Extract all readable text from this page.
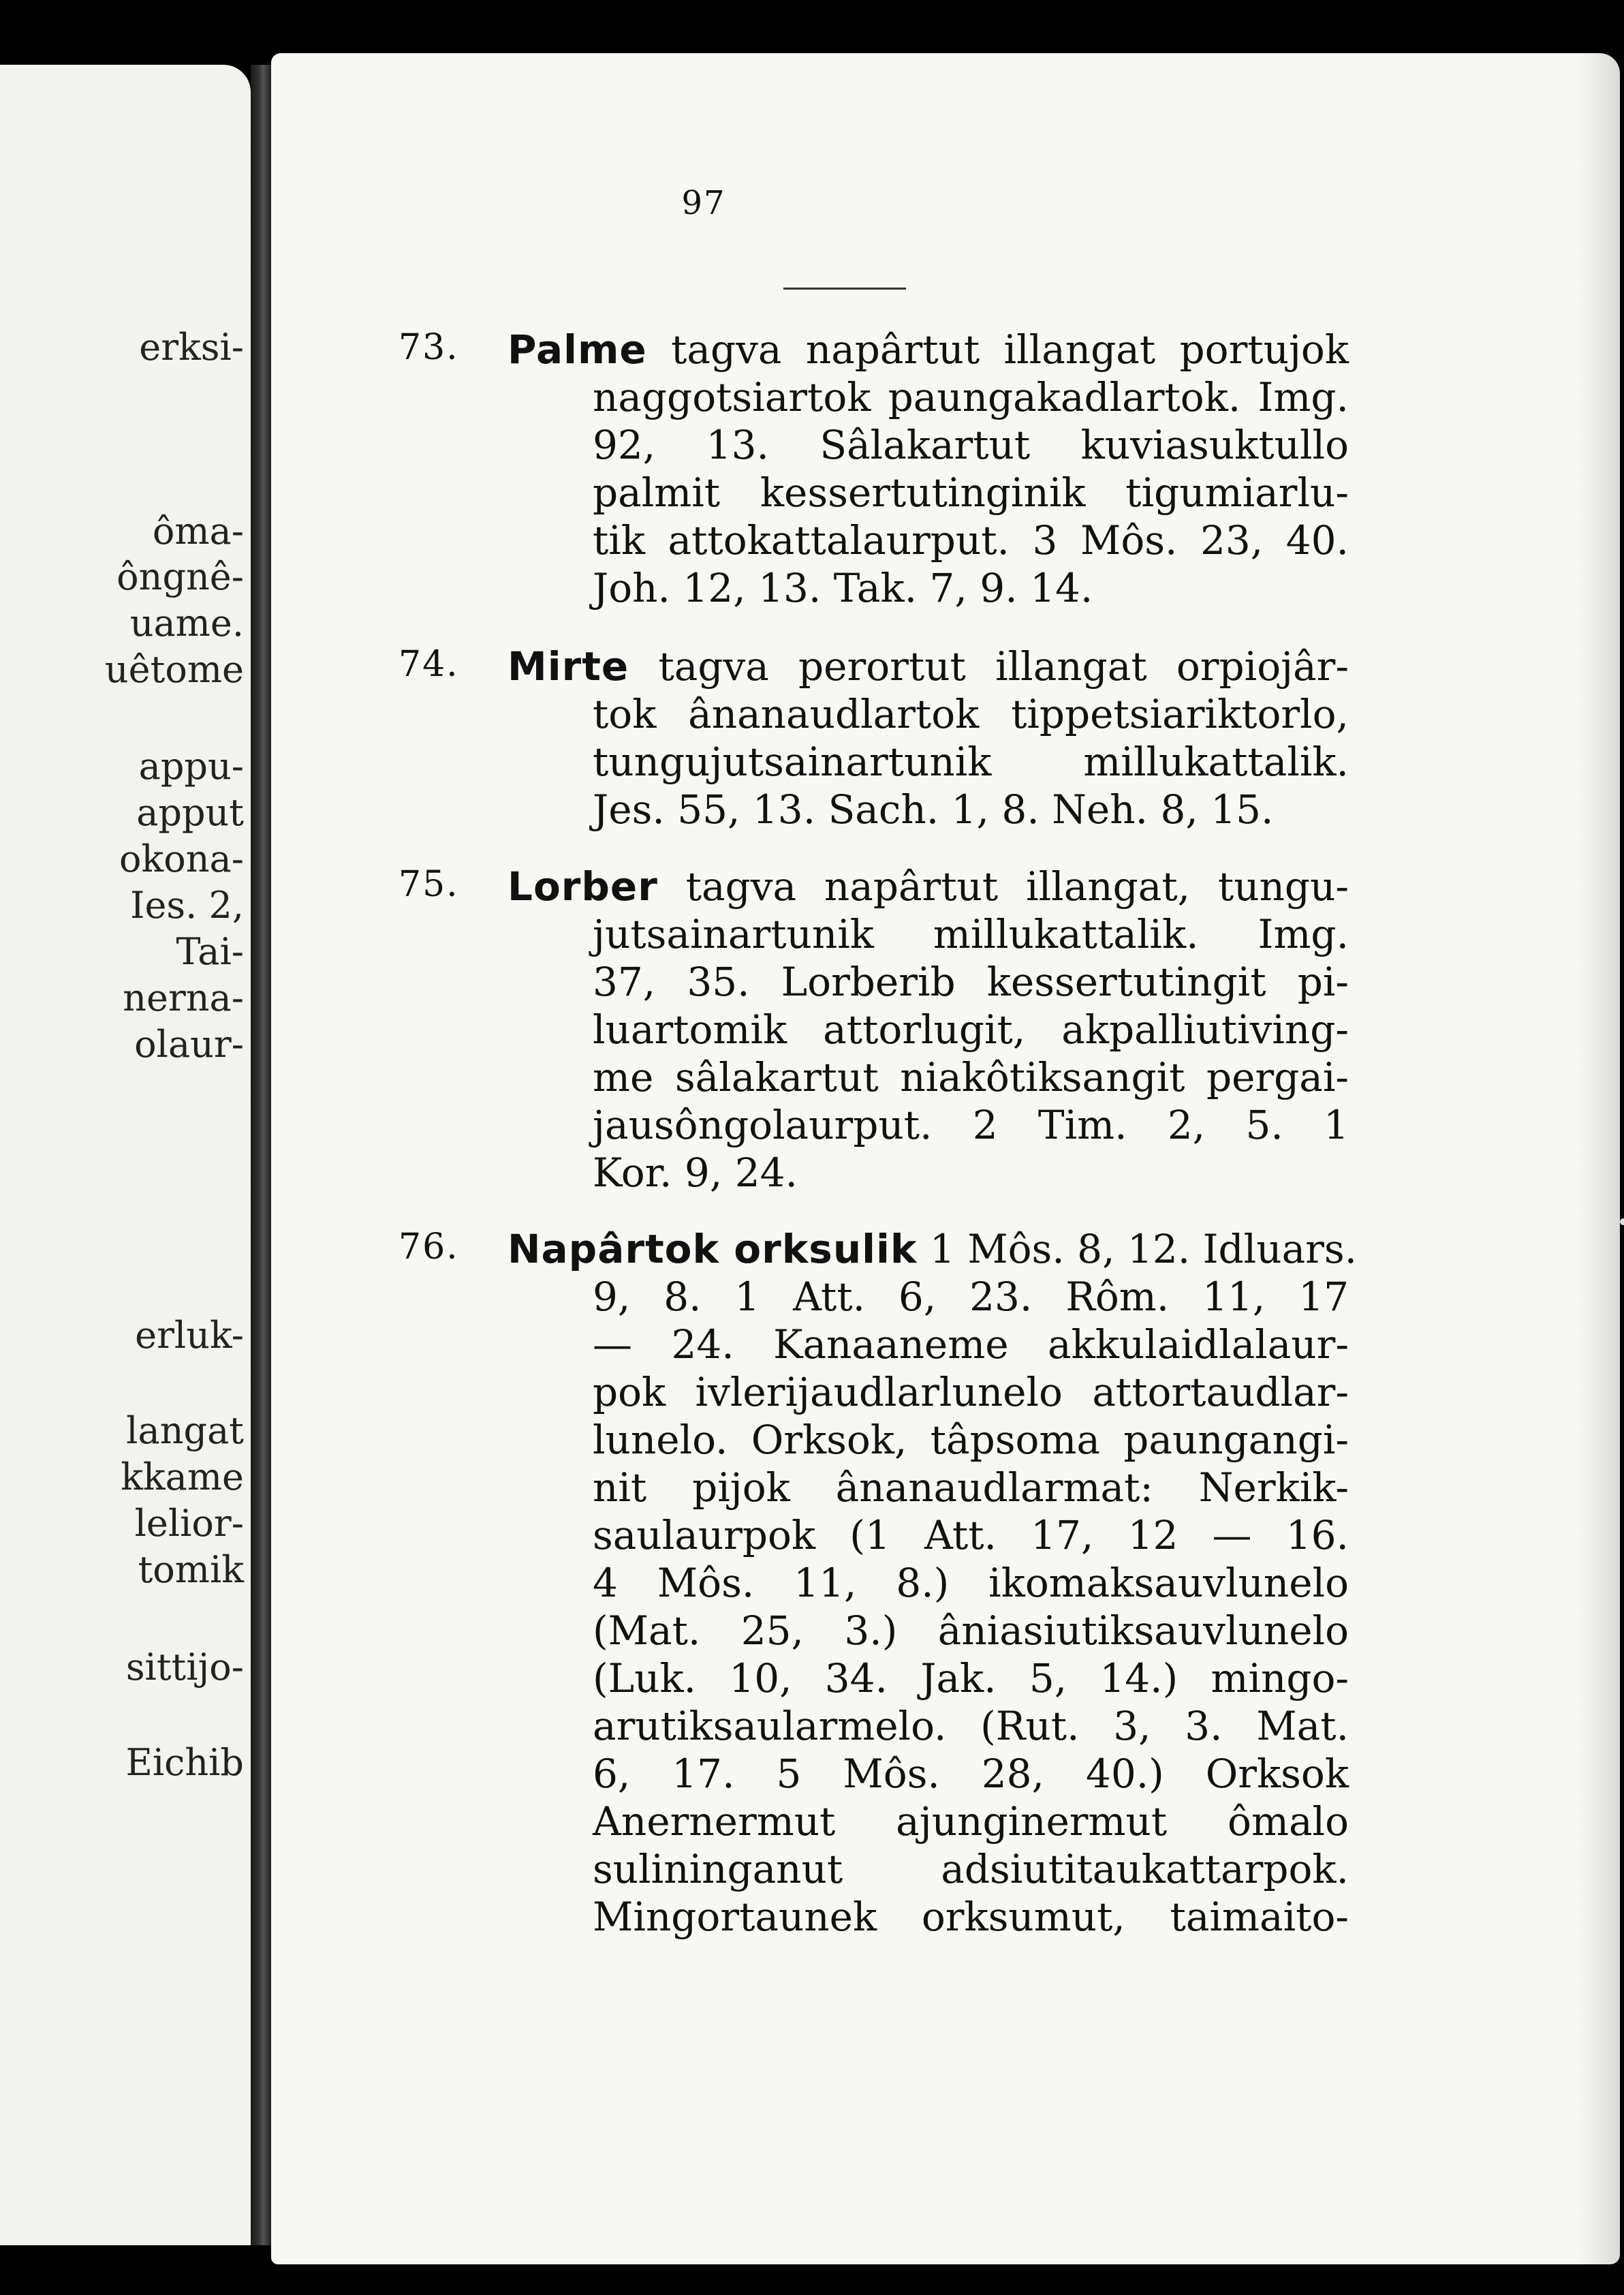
erksi-
ôma-
ôngnê-
uame.
uêtome
appu-
apput
okona-
Ies. 2,
Tai-
nerna-
olaur-
erluk-
langat
kkame
lelior-
tomik
sittijo-
Eichib
97
73. Palme tagva napârtut illangat portujok
naggotsiartok paungakadlartok. Img.
92, 13. Sâlakartut kuviasuktullo
palmit kessertutinginik tigumiarlu-
tik attokattalaurput. 3 Môs. 23, 40.
Joh. 12, 13. Tak. 7, 9. 14.
74. Mirte tagva perortut illangat orpiojâr-
tok ânanaudlartok tippetsiariktorlo,
tungujutsainartunik millukattalik.
Jes. 55, 13. Sach. 1, 8. Neh. 8, 15.
75. Lorber tagva napârtut illangat, tungu-
jutsainartunik millukattalik. Img.
37, 35. Lorberib kessertutingit pi-
luartomik attorlugit, akpalliutiving-
me sâlakartut niakôtiksangit pergai-
jausôngolaurput. 2 Tim. 2, 5. 1
Kor. 9, 24.
76. Napârtok orksulik 1 Môs. 8, 12. Idluars.
9, 8. 1 Att. 6, 23. Rôm. 11, 17
— 24. Kanaaneme akkulaidlalaur-
pok ivlerijaudlarlunelo attortaudlar-
lunelo. Orksok, tâpsoma paungangi-
nit pijok ânanaudlarmat: Nerkik-
saulaurpok (1 Att. 17, 12 — 16.
4 Môs. 11, 8.) ikomaksauvlunelo
(Mat. 25, 3.) âniasiutiksauvlunelo
(Luk. 10, 34. Jak. 5, 14.) mingo-
arutiksaularmelo. (Rut. 3, 3. Mat.
6, 17. 5 Môs. 28, 40.) Orksok
Anernermut ajunginermut ômalo
sulininganut adsiutitaukattarpok.
Mingortaunek orksumut, taimaito-
